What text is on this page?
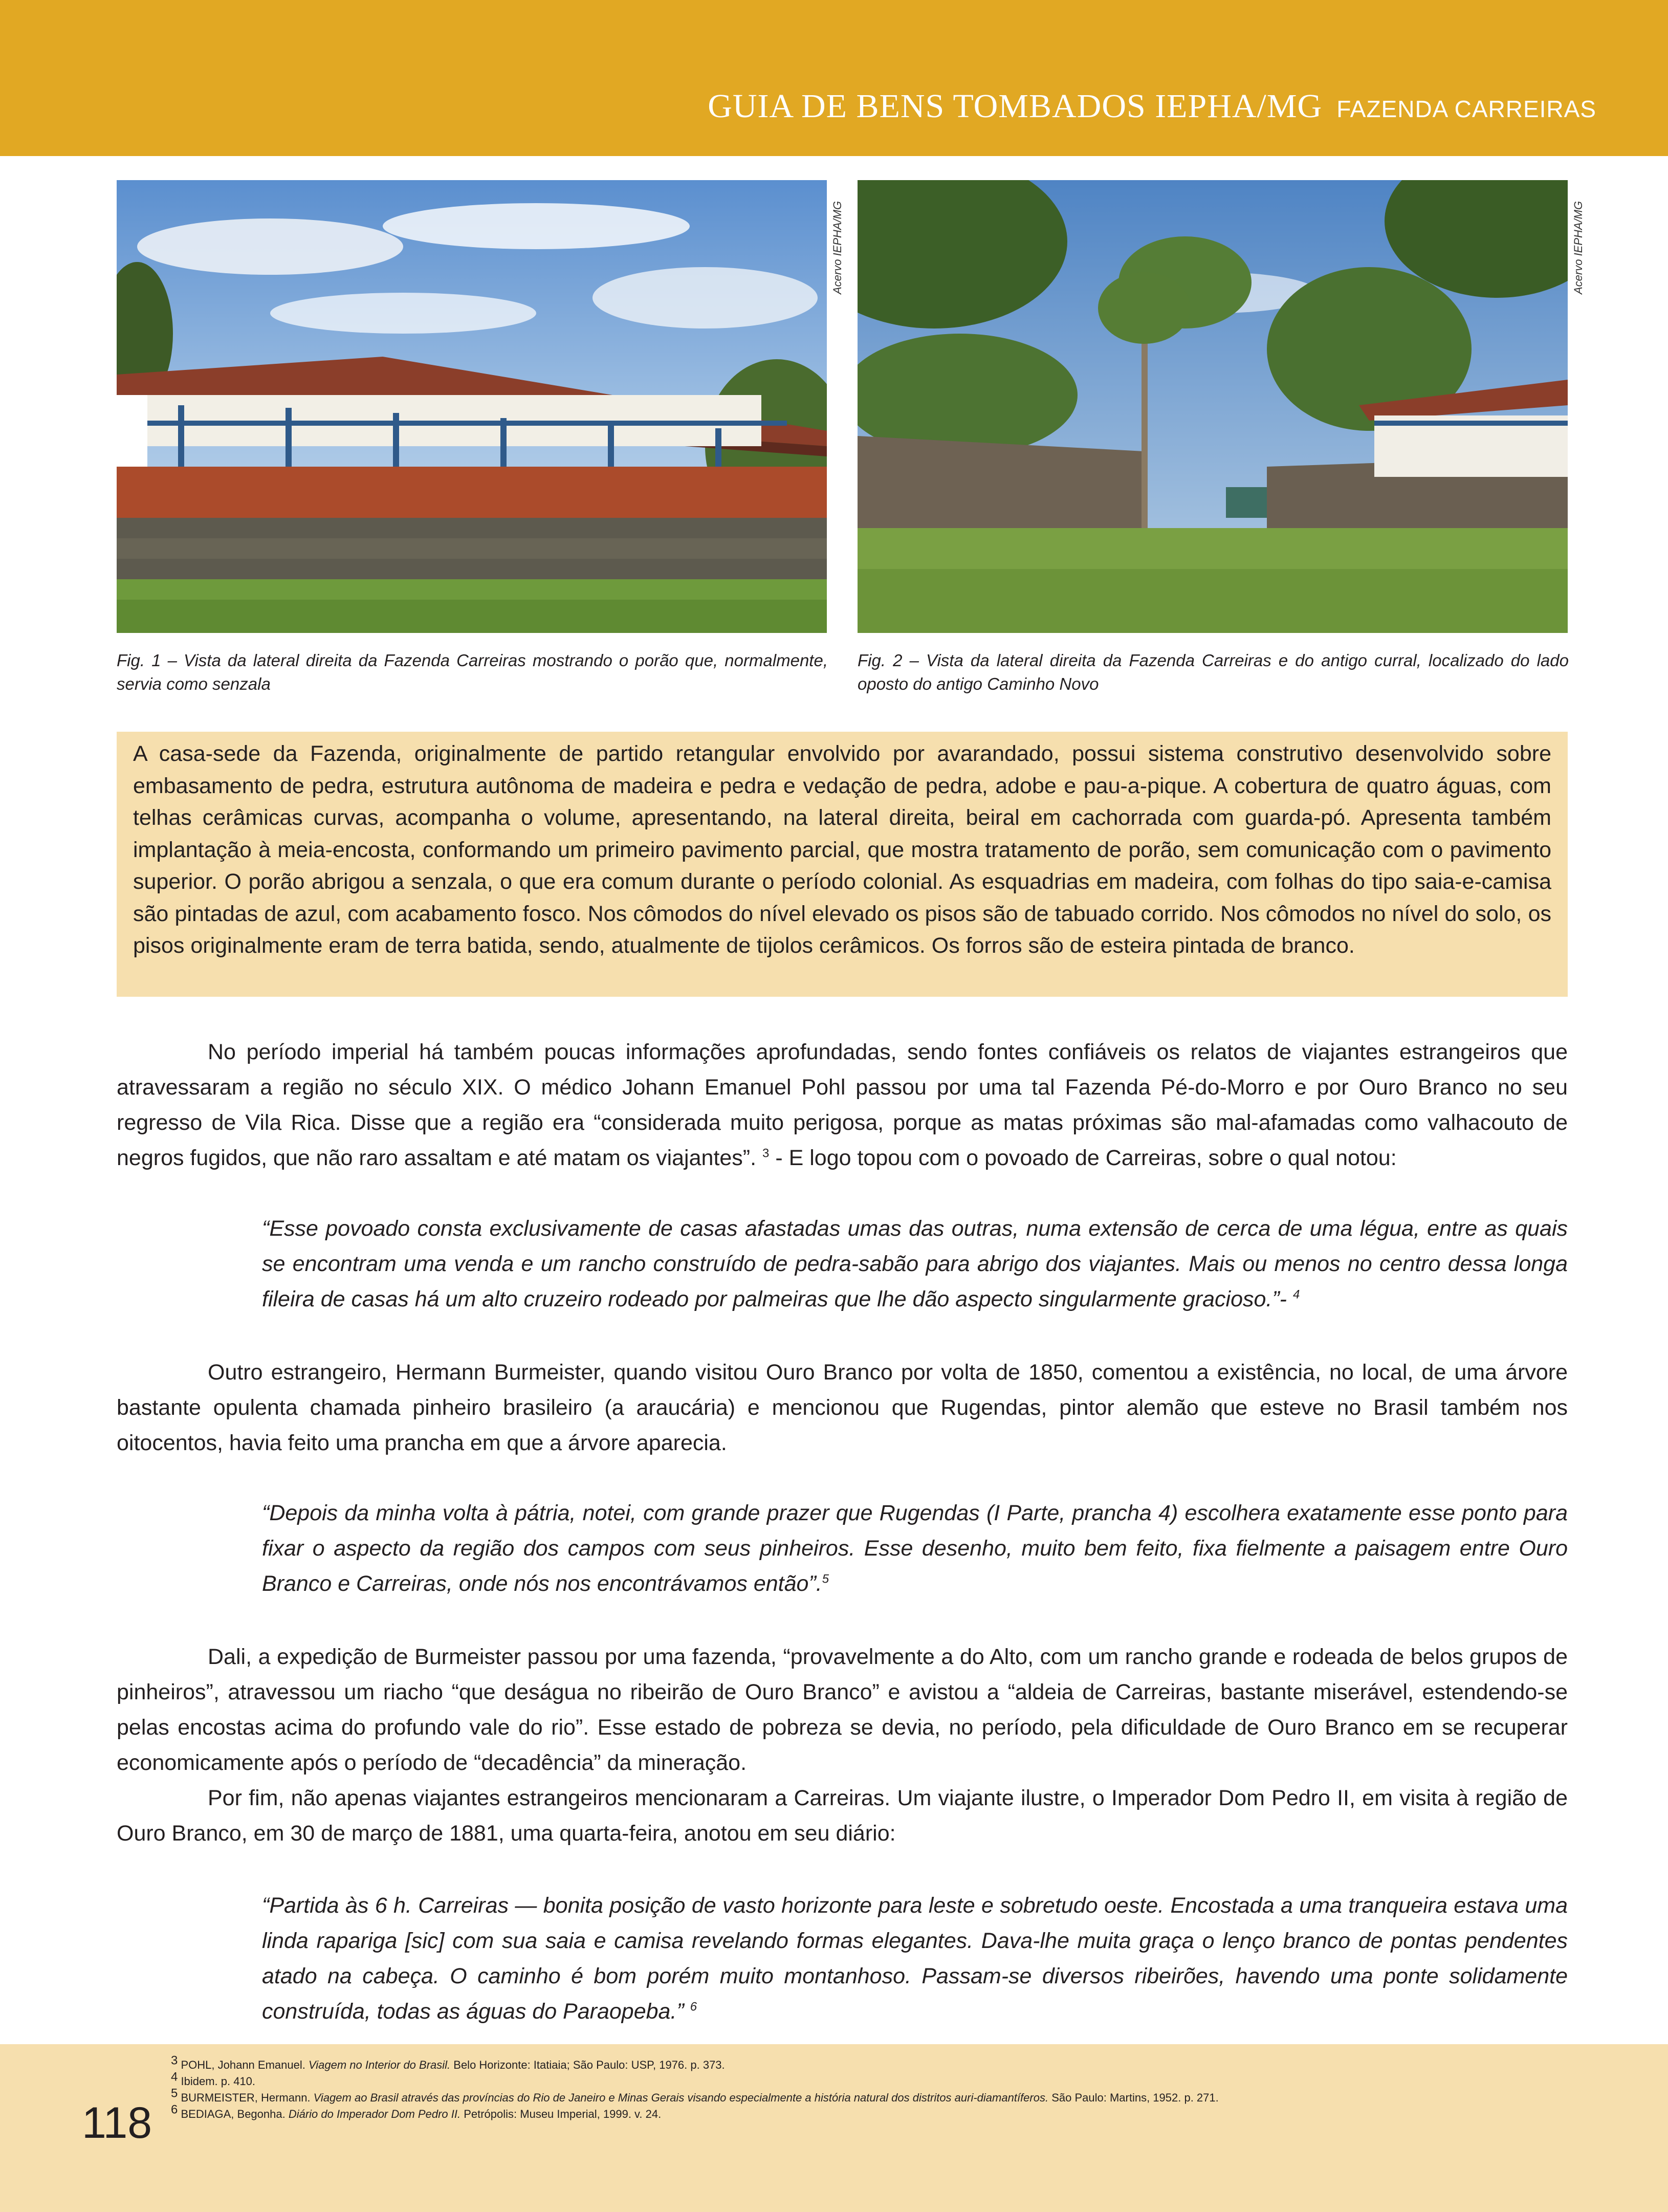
GUIA DE BENS TOMBADOS IEPHA/MG FAZENDA CARREIRAS
Acervo IEPHA/MG	Acervo IEPHA/MG
Fig. 1 – Vista da lateral direita da Fazenda Carreiras mostrando o porão que, normalmente, servia como senzala
Fig. 2 – Vista da lateral direita da Fazenda Carreiras e do antigo curral, localizado do lado oposto do antigo Caminho Novo
A casa-sede da Fazenda, originalmente de partido retangular envolvido por avarandado, possui sistema construtivo desenvolvido sobre embasamento de pedra, estrutura autônoma de madeira e pedra e vedação de pedra, adobe e pau-a-pique. A cobertura de quatro águas, com telhas cerâmicas curvas, acompanha o volume, apresentando, na lateral direita, beiral em cachorrada com guarda-pó. Apresenta também implantação à meia-encosta, conformando um primeiro pavimento parcial, que mostra tratamento de porão, sem comunicação com o pavimento superior. O porão abrigou a senzala, o que era comum durante o período colonial. As esquadrias em madeira, com folhas do tipo saia-e-camisa são pintadas de azul, com acabamento fosco. Nos cômodos do nível elevado os pisos são de tabuado corrido. Nos cômodos no nível do solo, os pisos originalmente eram de terra batida, sendo, atualmente de tijolos cerâmicos. Os forros são de esteira pintada de branco.

No período imperial há também poucas informações aprofundadas, sendo fontes confiáveis os relatos de viajantes estrangeiros que atravessaram a região no século XIX. O médico Johann Emanuel Pohl passou por uma tal Fazenda Pé-do-Morro e por Ouro Branco no seu regresso de Vila Rica. Disse que a região era “considerada muito perigosa, porque as matas próximas são mal-afamadas como valhacouto de negros fugidos, que não raro assaltam e até matam os viajantes”. $^3$ - E logo topou com o povoado de Carreiras, sobre o qual notou:

“Esse povoado consta exclusivamente de casas afastadas umas das outras, numa extensão de cerca de uma légua, entre as quais se encontram uma venda e um rancho construído de pedra-sabão para abrigo dos viajantes. Mais ou menos no centro dessa longa fileira de casas há um alto cruzeiro rodeado por palmeiras que lhe dão aspecto singularmente gracioso.”- $^4$

Outro estrangeiro, Hermann Burmeister, quando visitou Ouro Branco por volta de 1850, comentou a existência, no local, de uma árvore bastante opulenta chamada pinheiro brasileiro (a araucária) e mencionou que Rugendas, pintor alemão que esteve no Brasil também nos oitocentos, havia feito uma prancha em que a árvore aparecia.

“Depois da minha volta à pátria, notei, com grande prazer que Rugendas (I Parte, prancha 4) escolhera exatamente esse ponto para fixar o aspecto da região dos campos com seus pinheiros. Esse desenho, muito bem feito, fixa fielmente a paisagem entre Ouro Branco e Carreiras, onde nós nos encontrávamos então”.$^5$

Dali, a expedição de Burmeister passou por uma fazenda, “provavelmente a do Alto, com um rancho grande e rodeada de belos grupos de pinheiros”, atravessou um riacho “que deságua no ribeirão de Ouro Branco” e avistou a “aldeia de Carreiras, bastante miserável, estendendo-se pelas encostas acima do profundo vale do rio”. Esse estado de pobreza se devia, no período, pela dificuldade de Ouro Branco em se recuperar economicamente após o período de “decadência” da mineração.

Por fim, não apenas viajantes estrangeiros mencionaram a Carreiras. Um viajante ilustre, o Imperador Dom Pedro II, em visita à região de Ouro Branco, em 30 de março de 1881, uma quarta-feira, anotou em seu diário:

“Partida às 6 h. Carreiras — bonita posição de vasto horizonte para leste e sobretudo oeste. Encostada a uma tranqueira estava uma linda rapariga [sic] com sua saia e camisa revelando formas elegantes. Dava-lhe muita graça o lenço branco de pontas pendentes atado na cabeça. O caminho é bom porém muito montanhoso. Passam-se diversos ribeirões, havendo uma ponte solidamente construída, todas as águas do Paraopeba.” $^6$
$^3$ POHL, Johann Emanuel. Viagem no Interior do Brasil. Belo Horizonte: Itatiaia; São Paulo: USP, 1976. p. 373.
$^4$ Ibidem. p. 410.
$^5$ BURMEISTER, Hermann. Viagem ao Brasil através das províncias do Rio de Janeiro e Minas Gerais visando especialmente a história natural dos distritos auri-diamantíferos. São Paulo: Martins, 1952. p. 271.
$^6$ BEDIAGA, Begonha. Diário do Imperador Dom Pedro II. Petrópolis: Museu Imperial, 1999. v. 24.
118
